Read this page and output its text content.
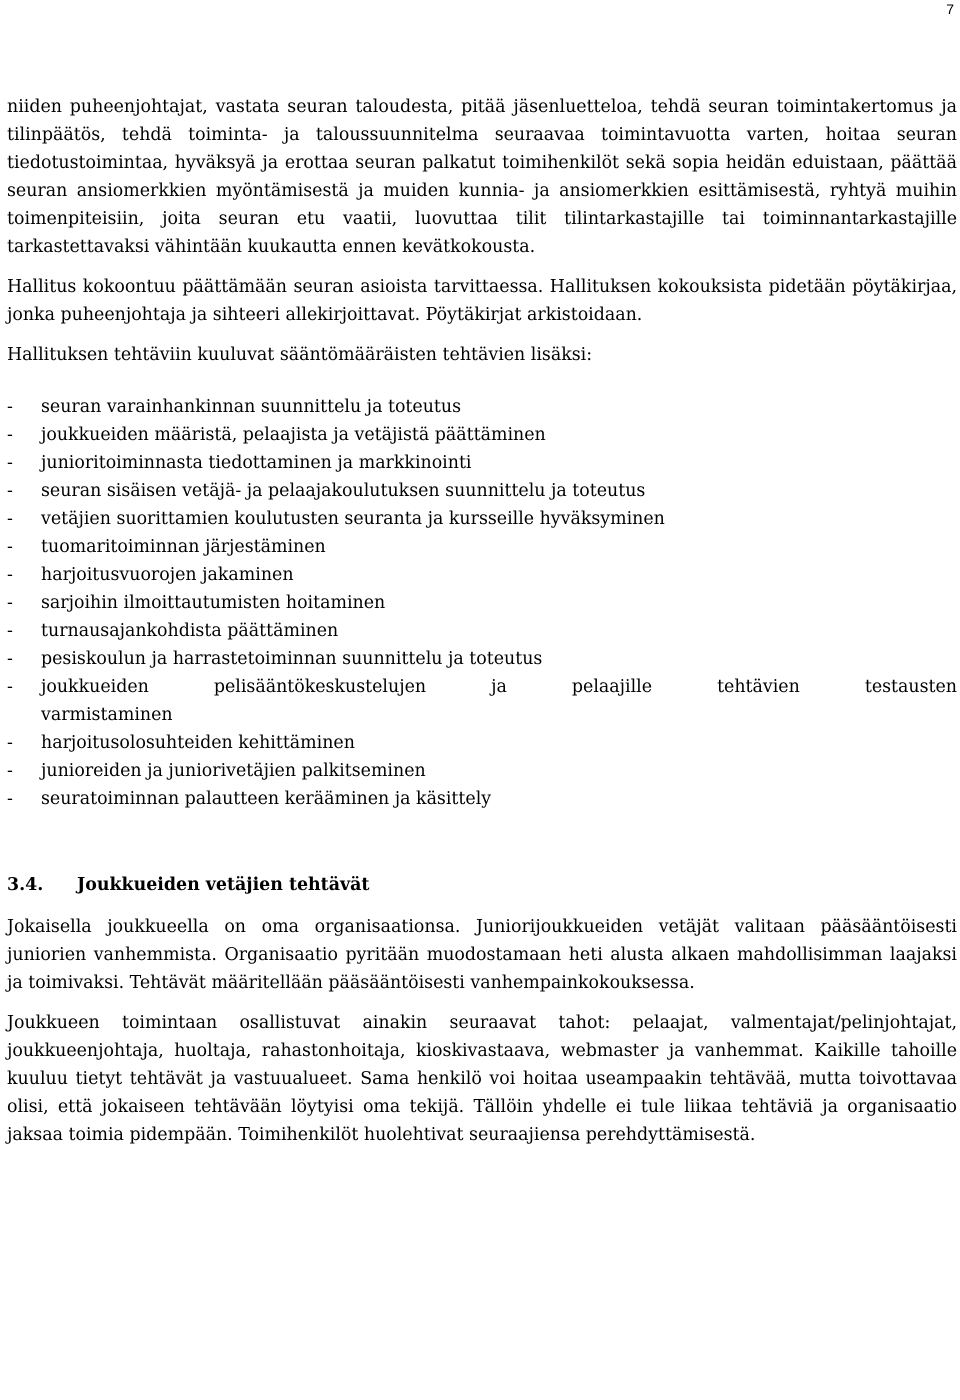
7

niiden puheenjohtajat, vastata seuran taloudesta, pitää jäsenluetteloa, tehdä seuran toimintakertomus ja tilinpäätös, tehdä toiminta- ja taloussuunnitelma seuraavaa toimintavuotta varten, hoitaa seuran tiedotustoimintaa, hyväksyä ja erottaa seuran palkatut toimihenkilöt sekä sopia heidän eduistaan, päättää seuran ansiomerkkien myöntämisestä ja muiden kunnia- ja ansiomerkkien esittämisestä, ryhtyä muihin toimenpiteisiin, joita seuran etu vaatii, luovuttaa tilit tilintarkastajille tai toiminnantarkastajille tarkastettavaksi vähintään kuukautta ennen kevätkokousta.

Hallitus kokoontuu päättämään seuran asioista tarvittaessa. Hallituksen kokouksista pidetään pöytäkirjaa, jonka puheenjohtaja ja sihteeri allekirjoittavat. Pöytäkirjat arkistoidaan.

Hallituksen tehtäviin kuuluvat sääntömääräisten tehtävien lisäksi:

-	seuran varainhankinnan suunnittelu ja toteutus
-	joukkueiden määristä, pelaajista ja vetäjistä päättäminen
-	junioritoiminnasta tiedottaminen ja markkinointi
-	seuran sisäisen vetäjä- ja pelaajakoulutuksen suunnittelu ja toteutus
-	vetäjien suorittamien koulutusten seuranta ja kursseille hyväksyminen
-	tuomaritoiminnan järjestäminen
-	harjoitusvuorojen jakaminen
-	sarjoihin ilmoittautumisten hoitaminen
-	turnausajankohdista päättäminen
-	pesiskoulun ja harrastetoiminnan suunnittelu ja toteutus
-	joukkueiden pelisääntökeskustelujen ja pelaajille tehtävien testausten
varmistaminen
-	harjoitusolosuhteiden kehittäminen
-	junioreiden ja juniorivetäjien palkitseminen
-	seuratoiminnan palautteen kerääminen ja käsittely
3.4.	Joukkueiden vetäjien tehtävät

Jokaisella joukkueella on oma organisaationsa. Juniorijoukkueiden vetäjät valitaan pääsääntöisesti juniorien vanhemmista. Organisaatio pyritään muodostamaan heti alusta alkaen mahdollisimman laajaksi ja toimivaksi. Tehtävät määritellään pääsääntöisesti vanhempainkokouksessa.

Joukkueen toimintaan osallistuvat ainakin seuraavat tahot: pelaajat, valmentajat/pelinjohtajat, joukkueenjohtaja, huoltaja, rahastonhoitaja, kioskivastaava, webmaster ja vanhemmat. Kaikille tahoille kuuluu tietyt tehtävät ja vastuualueet. Sama henkilö voi hoitaa useampaakin tehtävää, mutta toivottavaa olisi, että jokaiseen tehtävään löytyisi oma tekijä. Tällöin yhdelle ei tule liikaa tehtäviä ja organisaatio jaksaa toimia pidempään. Toimihenkilöt huolehtivat seuraajiensa perehdyttämisestä.
